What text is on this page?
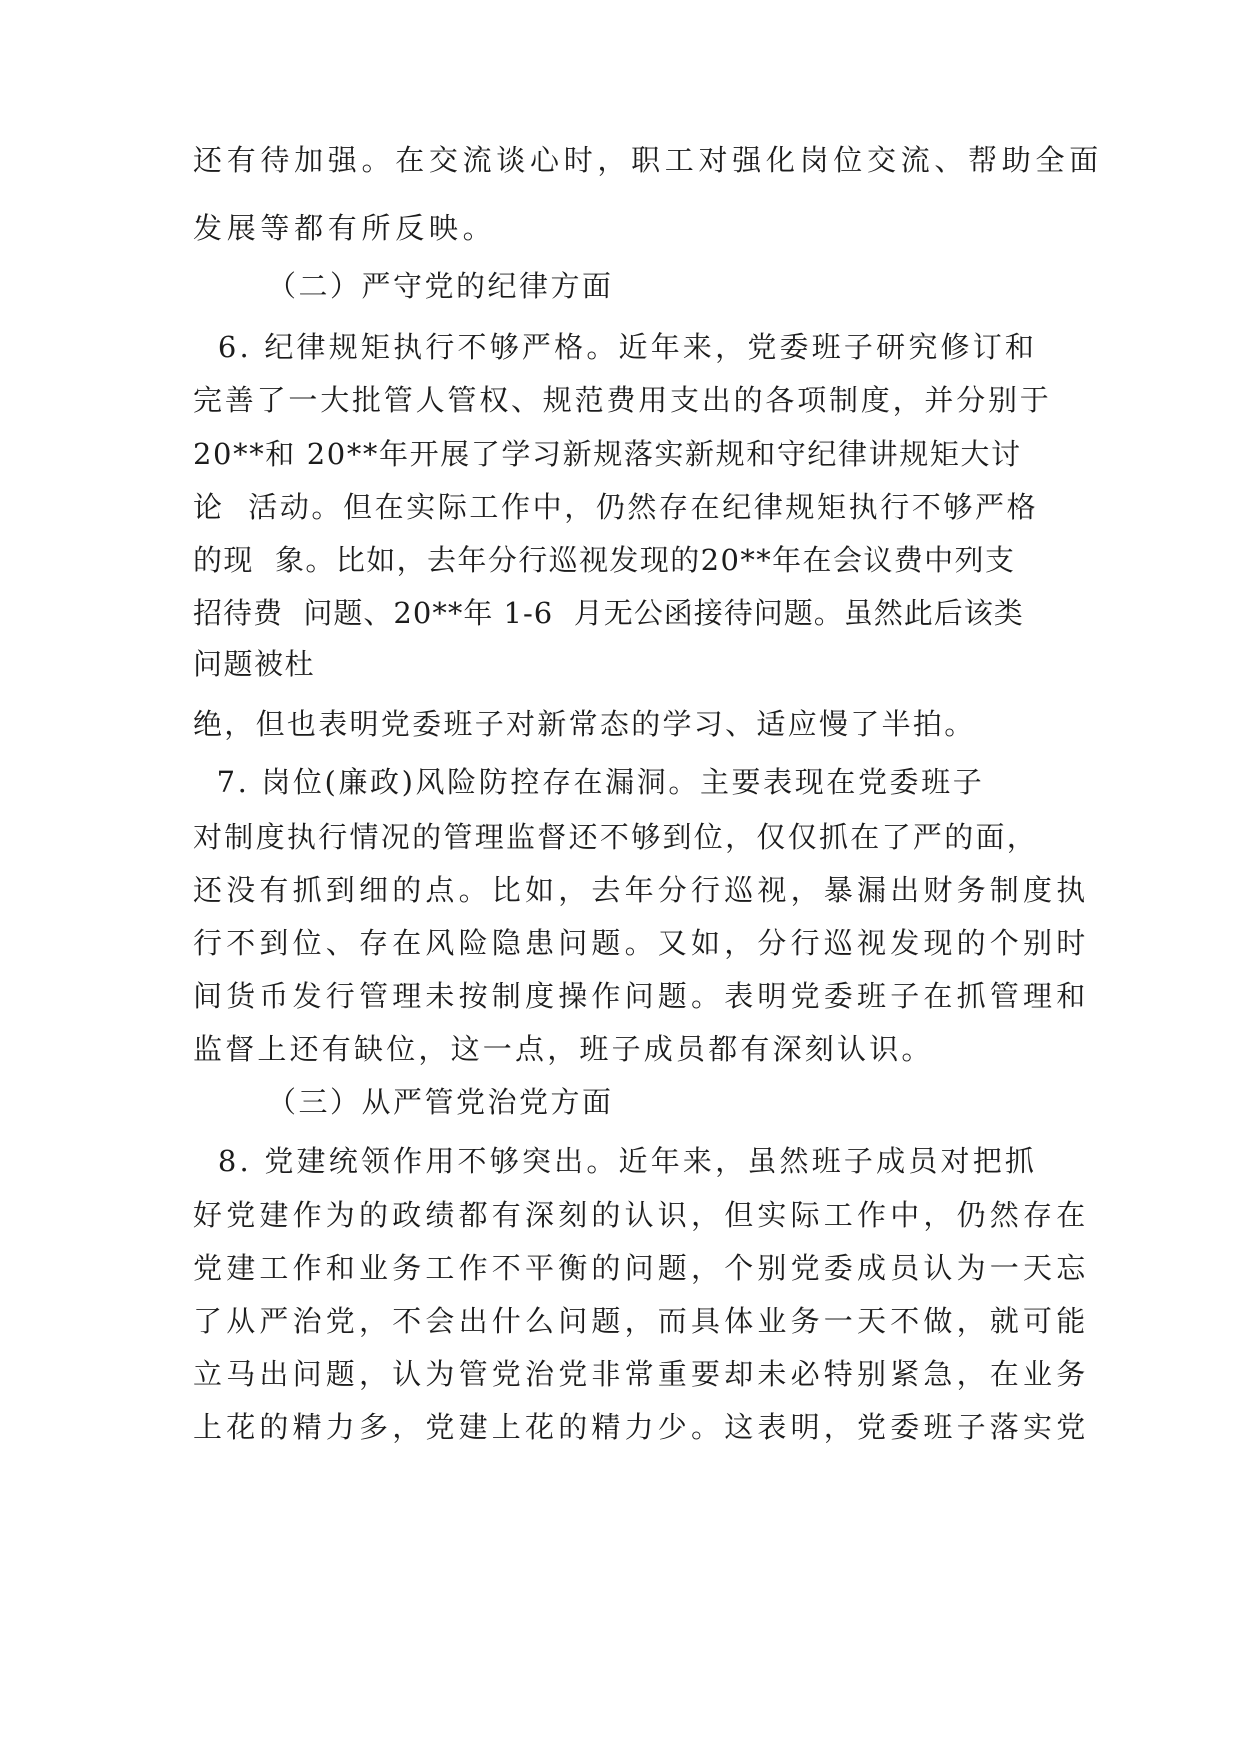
还有待加强。在交流谈心时，职工对强化岗位交流、帮助全面
发展等都有所反映。
（二）严守党的纪律方面
6. 纪律规矩执行不够严格。近年来，党委班子研究修订和
完善了一大批管人管权、规范费用支出的各项制度，并分别于
20**和 20**年开展了学习新规落实新规和守纪律讲规矩大讨
论  活动。但在实际工作中，仍然存在纪律规矩执行不够严格
的现  象。比如，去年分行巡视发现的20**年在会议费中列支
招待费  问题、20**年 1-6  月无公函接待问题。虽然此后该类
问题被杜
绝，但也表明党委班子对新常态的学习、适应慢了半拍。
7. 岗位(廉政)风险防控存在漏洞。主要表现在党委班子
对制度执行情况的管理监督还不够到位，仅仅抓在了严的面，
还没有抓到细的点。比如，去年分行巡视，暴漏出财务制度执
行不到位、存在风险隐患问题。又如，分行巡视发现的个别时
间货币发行管理未按制度操作问题。表明党委班子在抓管理和
监督上还有缺位，这一点，班子成员都有深刻认识。
（三）从严管党治党方面
8. 党建统领作用不够突出。近年来，虽然班子成员对把抓
好党建作为的政绩都有深刻的认识，但实际工作中，仍然存在
党建工作和业务工作不平衡的问题，个别党委成员认为一天忘
了从严治党，不会出什么问题，而具体业务一天不做，就可能
立马出问题，认为管党治党非常重要却未必特别紧急，在业务
上花的精力多，党建上花的精力少。这表明，党委班子落实党
